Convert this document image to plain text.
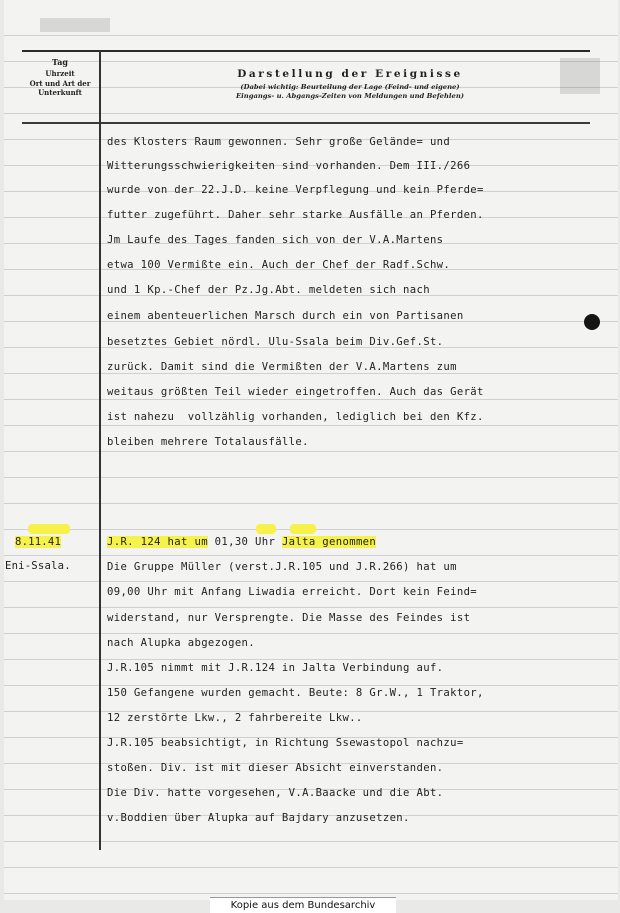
Tag
Uhrzeit
Ort und Art der Unterkunft
Darstellung der Ereignisse
(Dabei wichtig: Beurteilung der Lage (Feind- und eigene)
Eingangs- u. Abgangs-Zeiten von Meldungen und Befehlen)
des Klosters Raum gewonnen. Sehr große Gelände= und
Witterungsschwierigkeiten sind vorhanden. Dem III./266
wurde von der 22.J.D. keine Verpflegung und kein Pferde=
futter zugeführt. Daher sehr starke Ausfälle an Pferden.
Jm Laufe des Tages fanden sich von der V.A.Martens
etwa 100 Vermißte ein. Auch der Chef der Radf.Schw.
und 1 Kp.-Chef der Pz.Jg.Abt. meldeten sich nach
einem abenteuerlichen Marsch durch ein von Partisanen
besetztes Gebiet nördl. Ulu-Ssala beim Div.Gef.St.
zurück. Damit sind die Vermißten der V.A.Martens zum
weitaus größten Teil wieder eingetroffen. Auch das Gerät
ist nahezu  vollzählig vorhanden, lediglich bei den Kfz.
bleiben mehrere Totalausfälle.
8.11.41
Eni-Ssala.
J.R. 124 hat um 01,30 Uhr Jalta genommen
Die Gruppe Müller (verst.J.R.105 und J.R.266) hat um
09,00 Uhr mit Anfang Liwadia erreicht. Dort kein Feind=
widerstand, nur Versprengte. Die Masse des Feindes ist
nach Alupka abgezogen.
J.R.105 nimmt mit J.R.124 in Jalta Verbindung auf.
150 Gefangene wurden gemacht. Beute: 8 Gr.W., 1 Traktor,
12 zerstörte Lkw., 2 fahrbereite Lkw..
J.R.105 beabsichtigt, in Richtung Ssewastopol nachzu=
stoßen. Div. ist mit dieser Absicht einverstanden.
Die Div. hatte vorgesehen, V.A.Baacke und die Abt.
v.Boddien über Alupka auf Bajdary anzusetzen.
Kopie aus dem Bundesarchiv
